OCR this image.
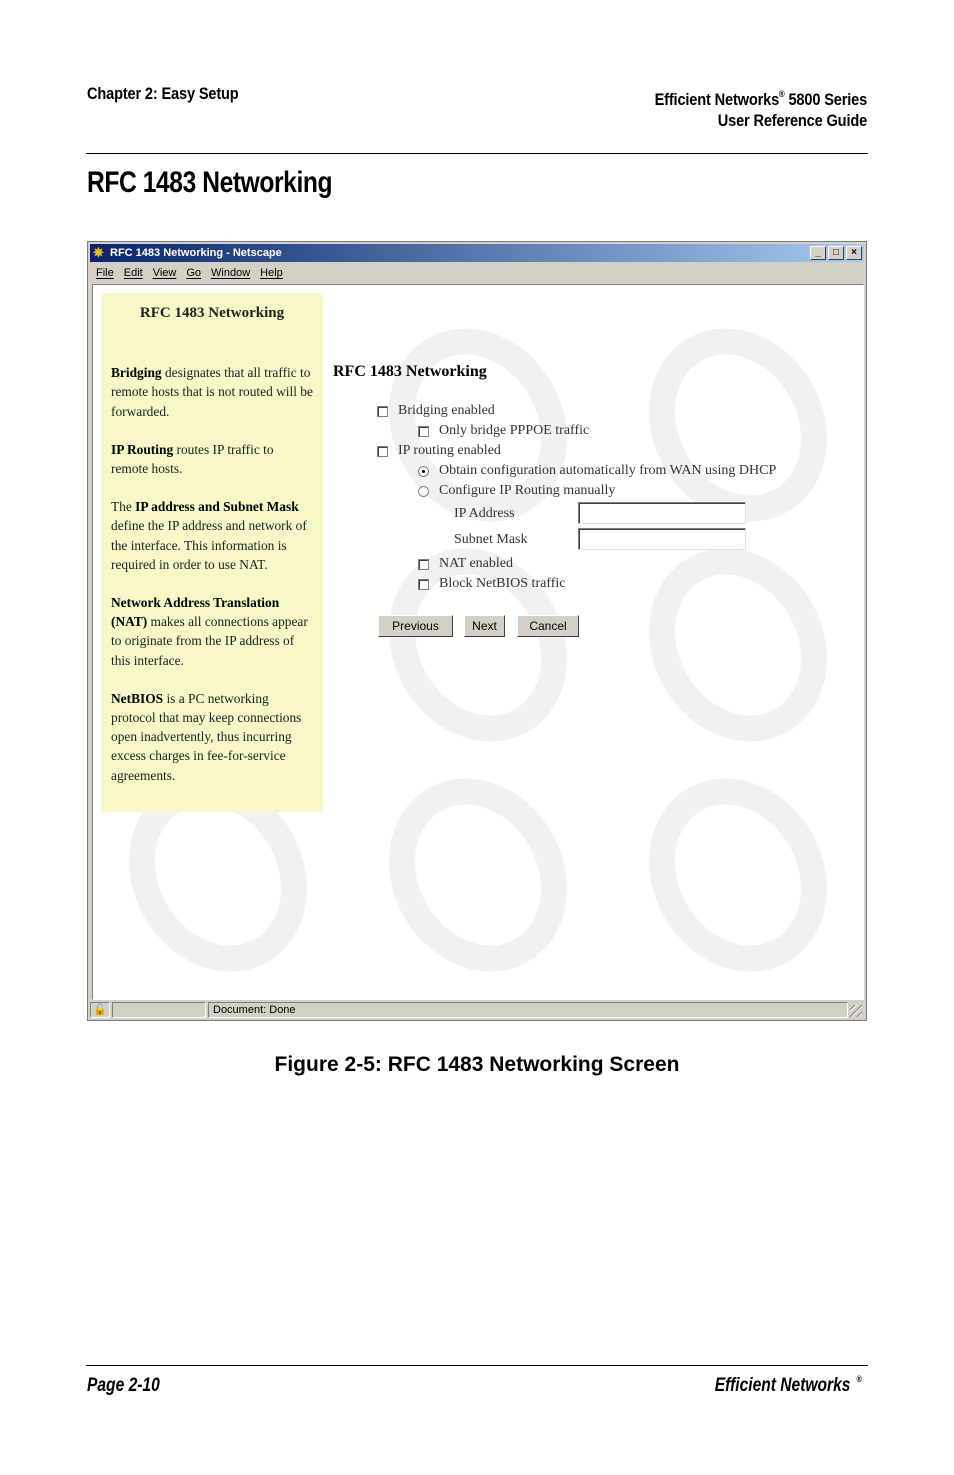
Chapter 2: Easy Setup	Efficient Networks® 5800 Series
User Reference Guide
RFC 1483 Networking
✵ RFC 1483 Networking - Netscape	_	□	×
File Edit View Go Window Help
RFC 1483 Networking

Bridging designates that all traffic to remote hosts that is not routed will be forwarded.

IP Routing routes IP traffic to remote hosts.

The IP address and Subnet Mask define the IP address and network of the interface. This information is required in order to use NAT.

Network Address Translation (NAT) makes all connections appear to originate from the IP address of this interface.

NetBIOS is a PC networking protocol that may keep connections open inadvertently, thus incurring excess charges in fee-for-service agreements.

RFC 1483 Networking
Bridging enabled
Only bridge PPPOE traffic
IP routing enabled
Obtain configuration automatically from WAN using DHCP
Configure IP Routing manually
IP Address
Subnet Mask
NAT enabled
Block NetBIOS traffic
Previous	Next	Cancel
🔓	Document: Done
Figure 2-5: RFC 1483 Networking Screen
Page 2-10	Efficient Networks ®
